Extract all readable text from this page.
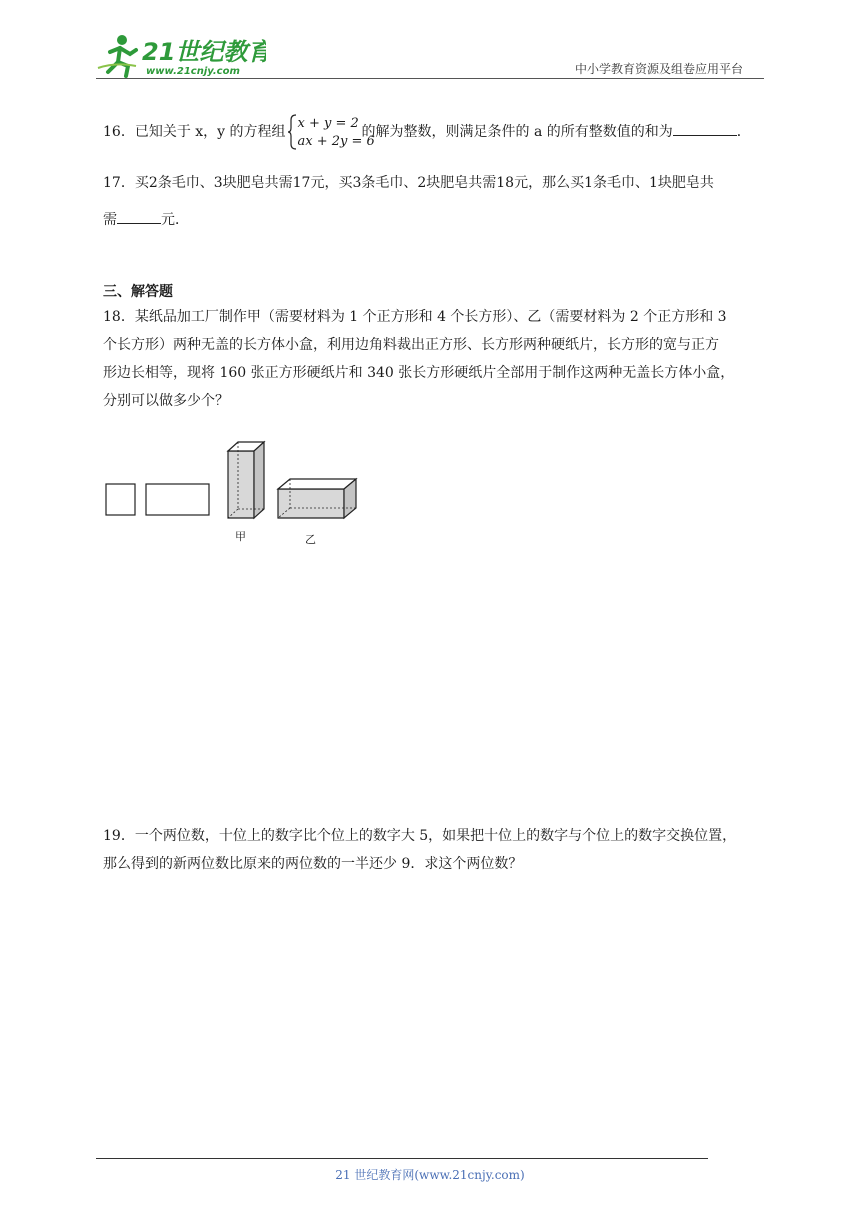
21世纪教育
www.21cnjy.com	中小学教育资源及组卷应用平台
16．已知关于 x，y 的方程组
x + y = 2
ax + 2y = 6
的解为整数，则满足条件的 a 的所有整数值的和为	．
17．买2条毛巾、3块肥皂共需17元，买3条毛巾、2块肥皂共需18元，那么买1条毛巾、1块肥皂共
需	元．
三、解答题
18．某纸品加工厂制作甲（需要材料为 1 个正方形和 4 个长方形）、乙（需要材料为 2 个正方形和 3
个长方形）两种无盖的长方体小盒，利用边角料裁出正方形、长方形两种硬纸片，长方形的宽与正方
形边长相等，现将 160 张正方形硬纸片和 340 张长方形硬纸片全部用于制作这两种无盖长方体小盒，
分别可以做多少个？
甲	乙
19．一个两位数，十位上的数字比个位上的数字大 5，如果把十位上的数字与个位上的数字交换位置，
那么得到的新两位数比原来的两位数的一半还少 9．求这个两位数？
21 世纪教育网(www.21cnjy.com)
